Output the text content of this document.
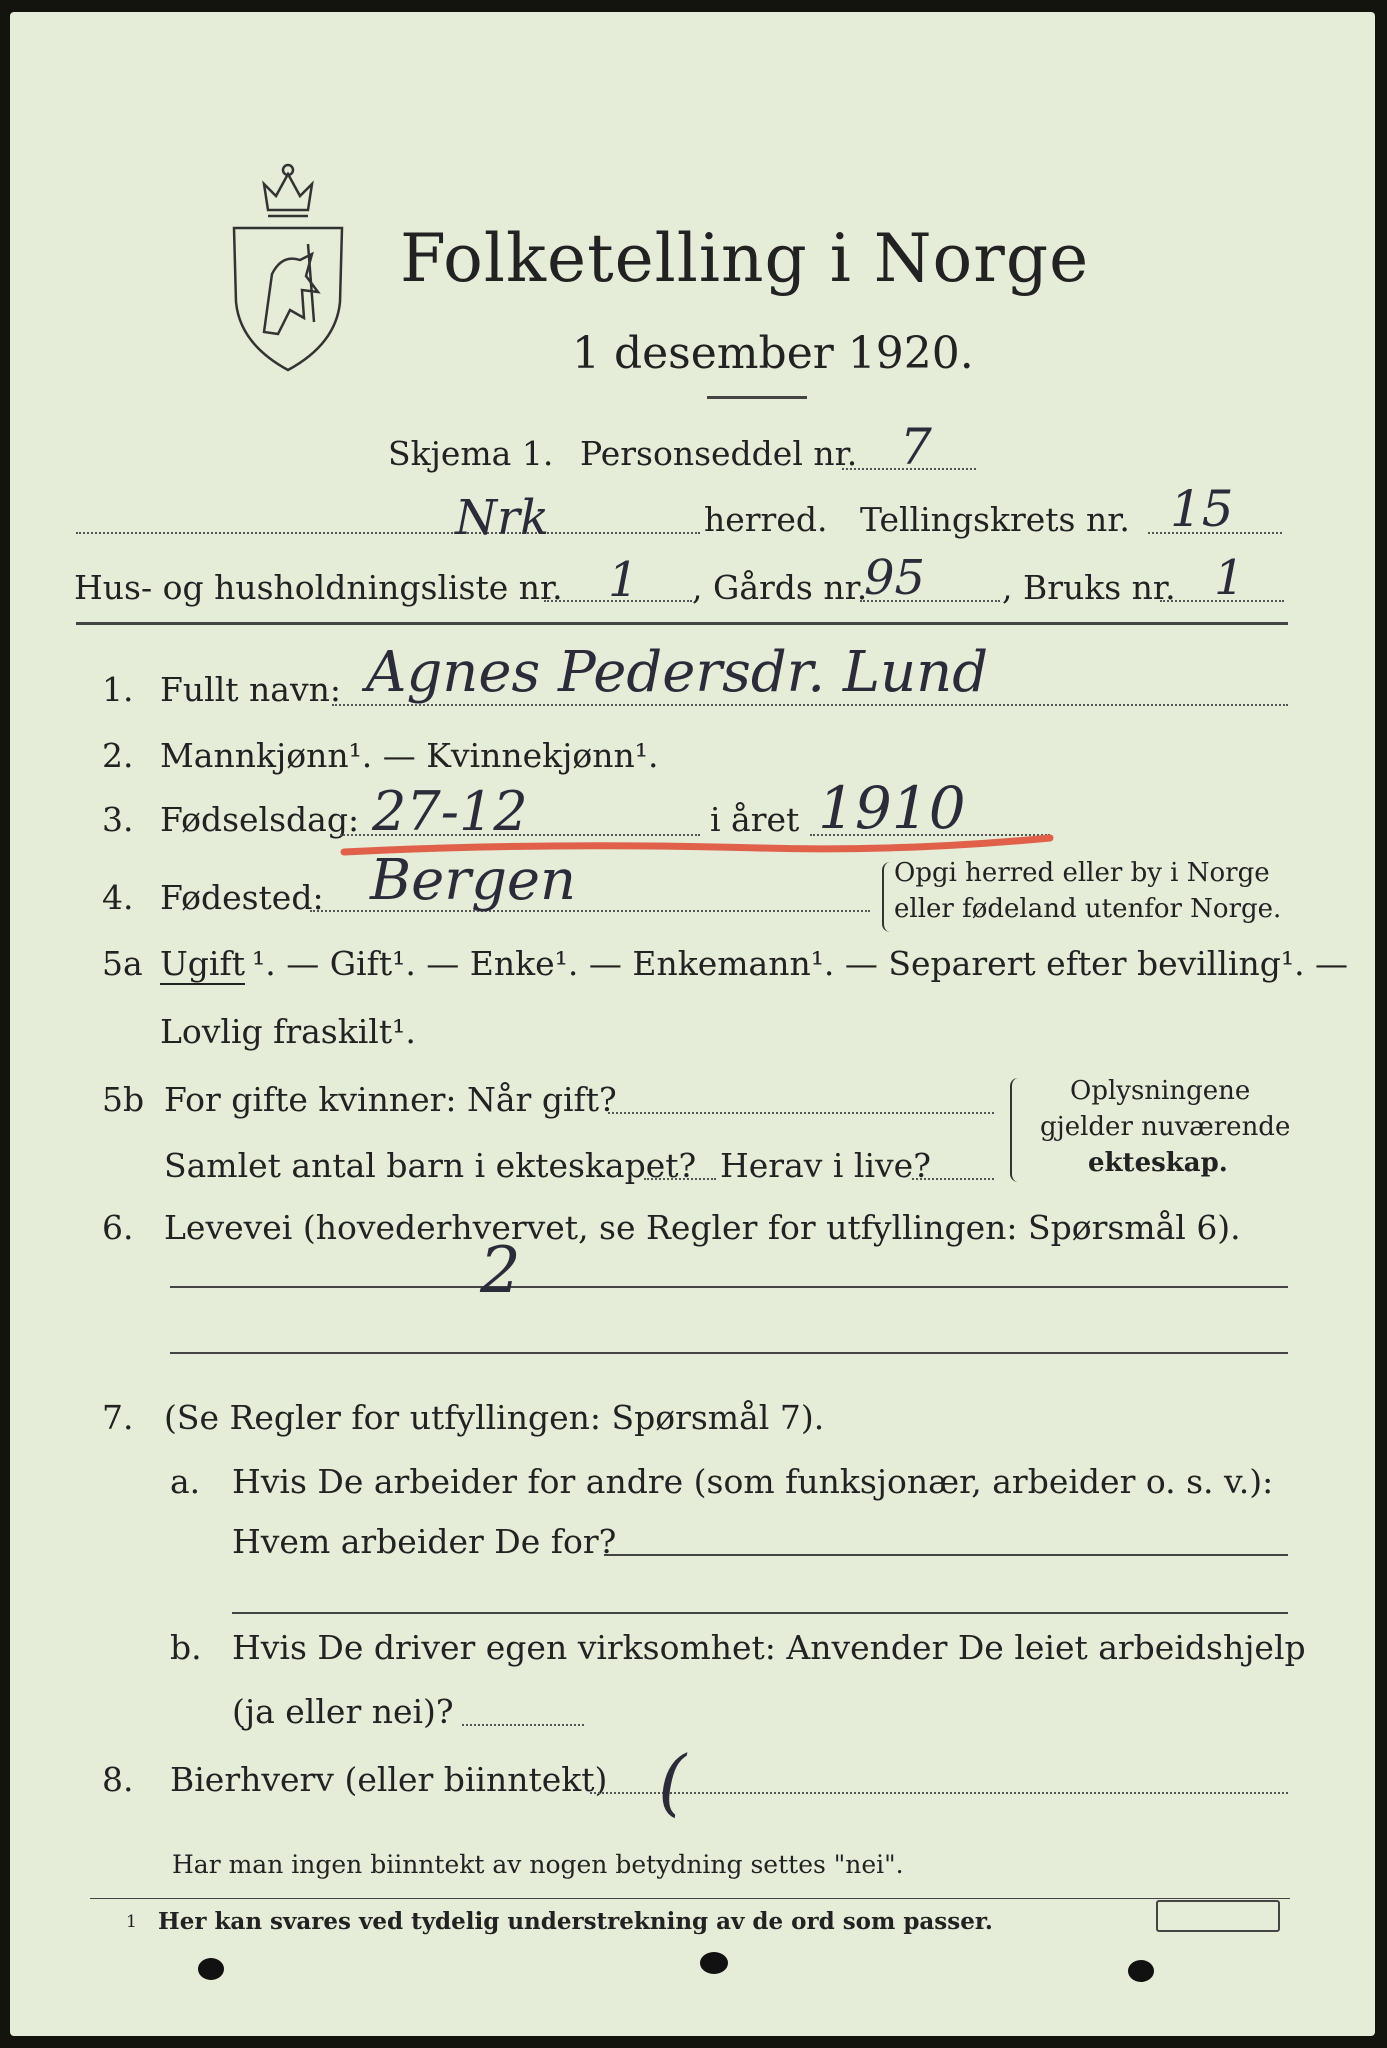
Folketelling i Norge
1 desember 1920.
Skjema 1. Personseddel nr. 7
Nrk	herred. Tellingskrets nr. 15
Hus- og husholdningsliste nr. 1 , Gårds nr.
95 , Bruks nr. 1
1. Fullt navn: Agnes Pedersdr. Lund
2. Mannkjønn¹. — Kvinnekjønn¹.
3. Fødselsdag: 27-12	i året 1910
4. Fødested: Bergen	Opgi herred eller by i Norge
eller fødeland utenfor Norge.
5a Ugift ¹. — Gift¹. — Enke¹. — Enkemann¹. — Separert efter bevilling¹. —
Lovlig fraskilt¹.
5b For gifte kvinner: Når gift?
Samlet antal barn i ekteskapet? Herav i live?
Oplysningene
gjelder nuværende
ekteskap.
6. Levevei (hovederhvervet, se Regler for utfyllingen: Spørsmål 6).
2
7. (Se Regler for utfyllingen: Spørsmål 7).
a. Hvis De arbeider for andre (som funksjonær, arbeider o. s. v.):
Hvem arbeider De for?
b. Hvis De driver egen virksomhet: Anvender De leiet arbeidshjelp
(ja eller nei)?
8. Bierhverv (eller biinntekt) (
Har man ingen biinntekt av nogen betydning settes "nei".
1 Her kan svares ved tydelig understrekning av de ord som passer.
